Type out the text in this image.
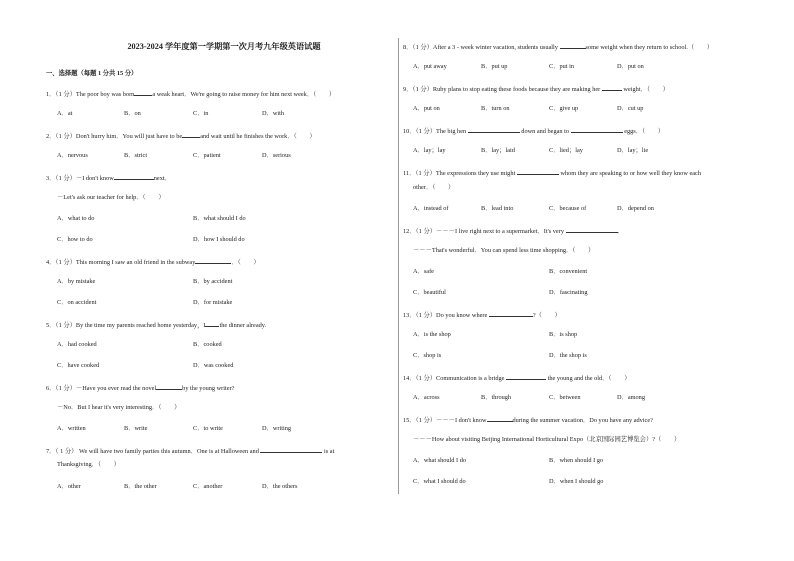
2023-2024 学年度第一学期第一次月考九年级英语试题
一、选择题（每题 1 分共 15 分）
1．（1 分）The poor boy was born	a weak heart．We're going to raise money for him next week．（　　）
A．at	B．on	C．in	D．with
2．（1 分）Don't hurry him．You will just have to be	and wait until he finishes the work．（　　）
A．nervous	B．strict	C．patient	D．serious
3．（1 分）－I don't know	next．
－Let's ask our teacher for help．（　　）
A．what to do	B．what should I do
C．how to do	D．how I should do
4．（1 分）This morning I saw an old friend in the subway	．（　　）
A．by mistake	B．by accident
C．on accident	D．for mistake
5．（1 分）By the time my parents reached home yesterday，I the dinner already.
A．had cooked	B．cooked
C．have cooked	D．was cooked
6．（1 分）－Have you ever read the novel	by the young writer?
－No．But I hear it's very interesting．（　　）
A．written	B．write	C．to write	D．writing
7．（ 1 分） We will have two family parties this autumn．One is at Halloween and	is at
Thanksgiving．（　　）
A．other	B．the other	C．another	D．the others
8．（1 分）After a 3 - week winter vacation, students usually	some weight when they return to school.（　　）
A．put away	B．put up	C．put in	D．put on
9．（1 分）Ruby plans to stop eating these foods because they are making her	weight．（　　）
A．put on	B．turn on	C．give up	D．cut up
10．（1 分）The big hen	down and began to	eggs．（　　）
A．lay；lay	B．lay；laid	C．lied；lay	D．lay；lie
11．（1 分）The expressions they use might	whom they are speaking to or how well they know each
other．（　　）
A．instead of	B．lead into	C．because of	D．depend on
12．（1 分）－－－I live right next to a supermarket．It's very	．
－－－That's wonderful．You can spend less time shopping．（　　）
A．safe	B．convenient
C．beautiful	D．fascinating
13．（1 分）Do you know where	?（　　）
A．is the shop	B．is shop
C．shop is	D．the shop is
14．（1 分）Communication is a bridge	the young and the old．（　　）
A．across	B．through	C．between	D．among
15．（1 分）－－－I don't know	during the summer vacation．Do you have any advice?
－－－How about visiting Beijing International Horticultural Expo（北京国际园艺博览会）?（　　）
A．what should I do	B．when should I go
C．what I should do	D．when I should go
